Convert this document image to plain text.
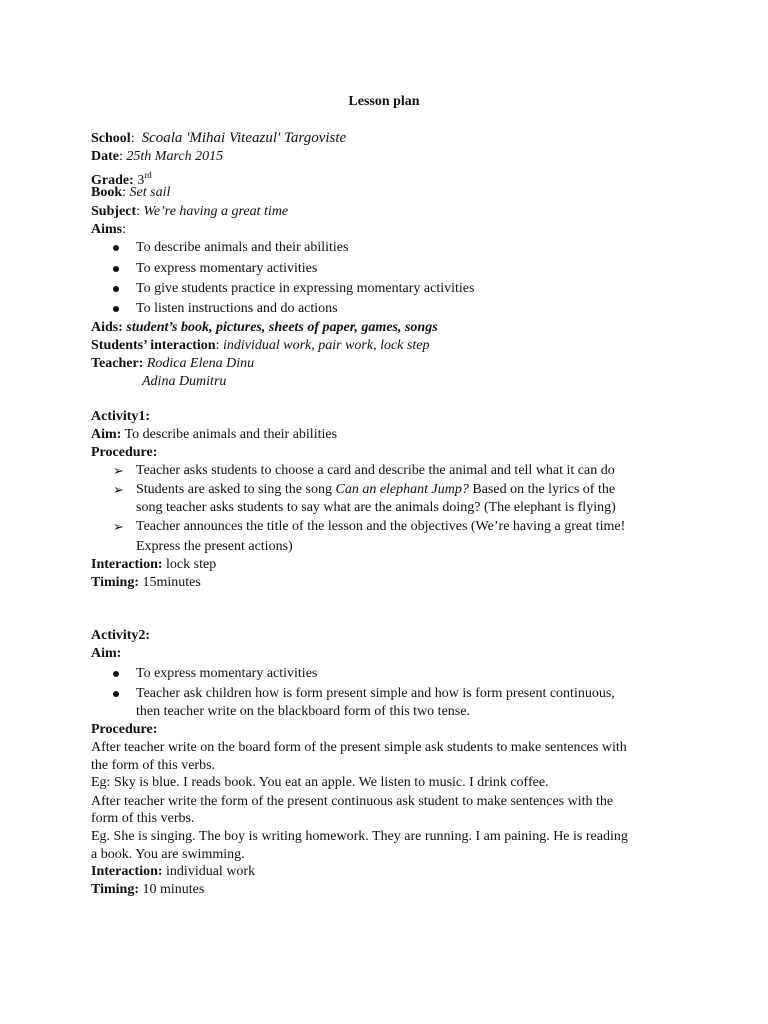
Lesson plan
School:  Scoala 'Mihai Viteazul' Targoviste
Date: 25th March 2015
Grade: 3rd
Book: Set sail
Subject: We’re having a great time
Aims:
To describe animals and their abilities
To express momentary activities
To give students practice in expressing momentary activities
To listen instructions and do actions
Aids: student’s book, pictures, sheets of paper, games, songs
Students’ interaction: individual work, pair work, lock step
Teacher: Rodica Elena Dinu
Adina Dumitru
Activity1:
Aim: To describe animals and their abilities
Procedure:
➢ Teacher asks students to choose a card and describe the animal and tell what it can do
➢ Students are asked to sing the song Can an elephant Jump? Based on the lyrics of the
song teacher asks students to say what are the animals doing? (The elephant is flying)
➢ Teacher announces the title of the lesson and the objectives (We’re having a great time!
Express the present actions)
Interaction: lock step
Timing: 15minutes
Activity2:
Aim:
To express momentary activities
Teacher ask children how is form present simple and how is form present continuous,
then teacher write on the blackboard form of this two tense.
Procedure:
After teacher write on the board form of the present simple ask students to make sentences with
the form of this verbs.
Eg: Sky is blue. I reads book. You eat an apple. We listen to music. I drink coffee.
After teacher write the form of the present continuous ask student to make sentences with the
form of this verbs.
Eg. She is singing. The boy is writing homework. They are running. I am paining. He is reading
a book. You are swimming.
Interaction: individual work
Timing: 10 minutes
